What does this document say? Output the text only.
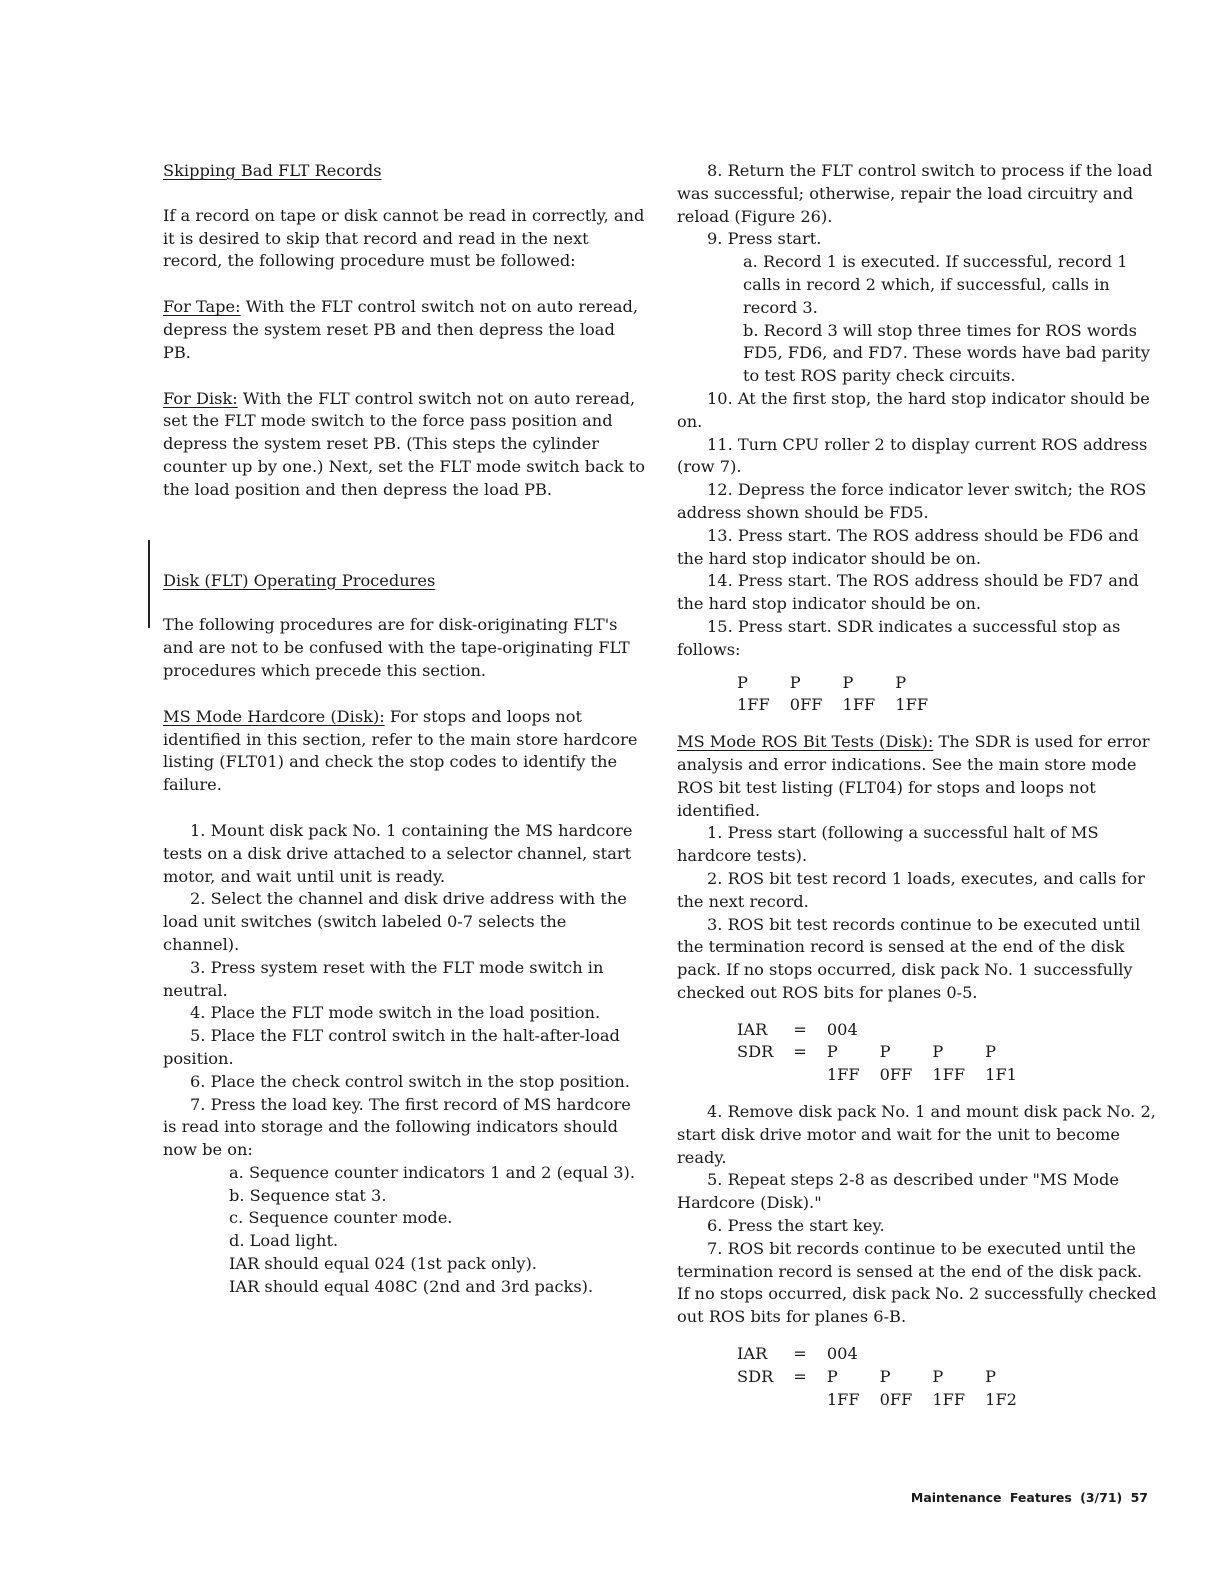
Skipping Bad FLT Records

If a record on tape or disk cannot be read in correctly, and it is desired to skip that record and read in the next record, the following procedure must be followed:

For Tape: With the FLT control switch not on auto reread, depress the system reset PB and then depress the load PB.

For Disk: With the FLT control switch not on auto reread, set the FLT mode switch to the force pass position and depress the system reset PB. (This steps the cylinder counter up by one.) Next, set the FLT mode switch back to the load position and then depress the load PB.

Disk (FLT) Operating Procedures

The following procedures are for disk-originating FLT's and are not to be confused with the tape-originating FLT procedures which precede this section.

MS Mode Hardcore (Disk): For stops and loops not identified in this section, refer to the main store hardcore listing (FLT01) and check the stop codes to identify the failure.

1. Mount disk pack No. 1 containing the MS hardcore tests on a disk drive attached to a selector channel, start motor, and wait until unit is ready.

2. Select the channel and disk drive address with the load unit switches (switch labeled 0-7 selects the channel).

3. Press system reset with the FLT mode switch in neutral.

4. Place the FLT mode switch in the load position.

5. Place the FLT control switch in the halt-after-load position.

6. Place the check control switch in the stop position.

7. Press the load key. The first record of MS hardcore is read into storage and the following indicators should now be on:

a. Sequence counter indicators 1 and 2 (equal 3).

b. Sequence stat 3.

c. Sequence counter mode.

d. Load light.

IAR should equal 024 (1st pack only).

IAR should equal 408C (2nd and 3rd packs).

8. Return the FLT control switch to process if the load was successful; otherwise, repair the load circuitry and reload (Figure 26).

9. Press start.

a. Record 1 is executed. If successful, record 1 calls in record 2 which, if successful, calls in record 3.

b. Record 3 will stop three times for ROS words FD5, FD6, and FD7. These words have bad parity to test ROS parity check circuits.

10. At the first stop, the hard stop indicator should be on.

11. Turn CPU roller 2 to display current ROS address (row 7).

12. Depress the force indicator lever switch; the ROS address shown should be FD5.

13. Press start. The ROS address should be FD6 and the hard stop indicator should be on.

14. Press start. The ROS address should be FD7 and the hard stop indicator should be on.

15. Press start. SDR indicates a successful stop as follows:

P	P	P	P
1FF	0FF	1FF	1FF

MS Mode ROS Bit Tests (Disk): The SDR is used for error analysis and error indications. See the main store mode ROS bit test listing (FLT04) for stops and loops not identified.

1. Press start (following a successful halt of MS hardcore tests).

2. ROS bit test record 1 loads, executes, and calls for the next record.

3. ROS bit test records continue to be executed until the termination record is sensed at the end of the disk pack. If no stops occurred, disk pack No. 1 successfully checked out ROS bits for planes 0-5.

IAR	=	004			
SDR	=	P	P	P	P
		1FF	0FF	1FF	1F1

4. Remove disk pack No. 1 and mount disk pack No. 2, start disk drive motor and wait for the unit to become ready.

5. Repeat steps 2-8 as described under "MS Mode Hardcore (Disk)."

6. Press the start key.

7. ROS bit records continue to be executed until the termination record is sensed at the end of the disk pack. If no stops occurred, disk pack No. 2 successfully checked out ROS bits for planes 6-B.

IAR	=	004			
SDR	=	P	P	P	P
		1FF	0FF	1FF	1F2
Maintenance Features (3/71) 57
